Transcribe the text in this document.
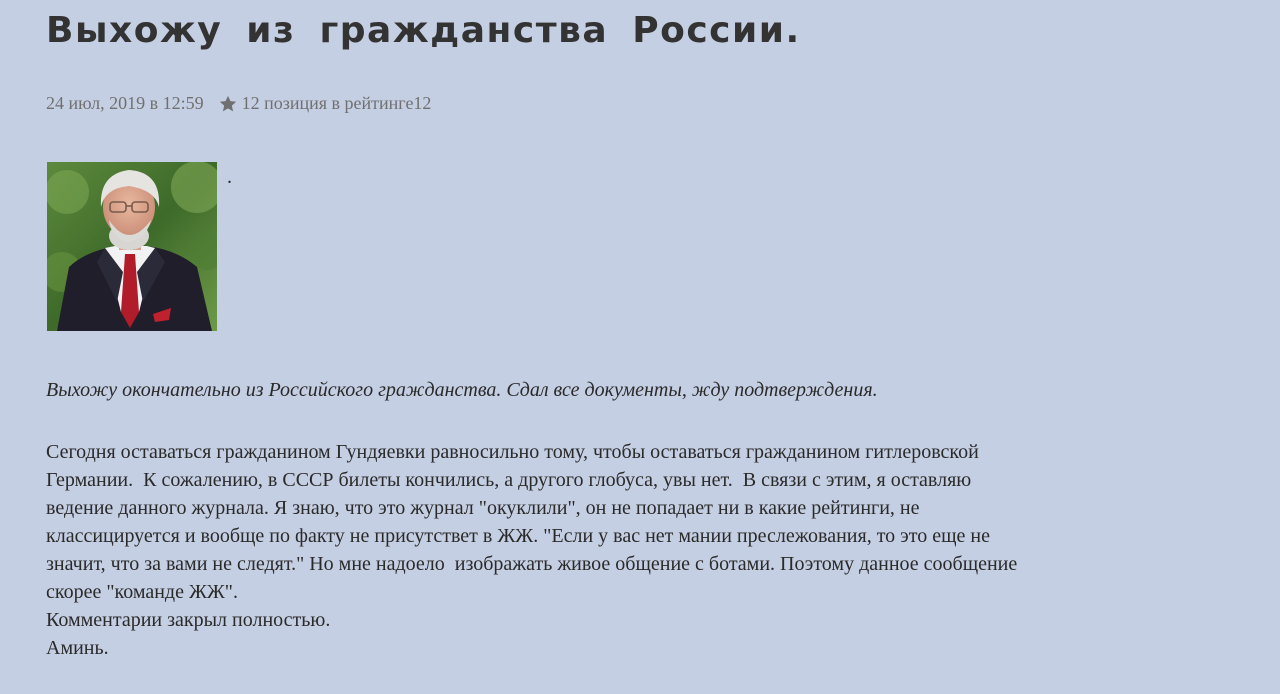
Выхожу из гражданства России.
24 июл, 2019 в 12:59 12 позиция в рейтинге12
.

Выхожу окончательно из Российского гражданства. Сдал все документы, жду подтверждения.

Сегодня оставаться гражданином Гундяевки равносильно тому, чтобы оставаться гражданином гитлеровской
Германии.  К сожалению, в СССР билеты кончились, а другого глобуса, увы нет.  В связи с этим, я оставляю
ведение данного журнала. Я знаю, что это журнал "окуклили", он не попадает ни в какие рейтинги, не
классицируется и вообще по факту не присутствет в ЖЖ. "Если у вас нет мании преслежования, то это еще не
значит, что за вами не следят." Но мне надоело  изображать живое общение с ботами. Поэтому данное сообщение
скорее "команде ЖЖ".
Комментарии закрыл полностью.
Аминь.
